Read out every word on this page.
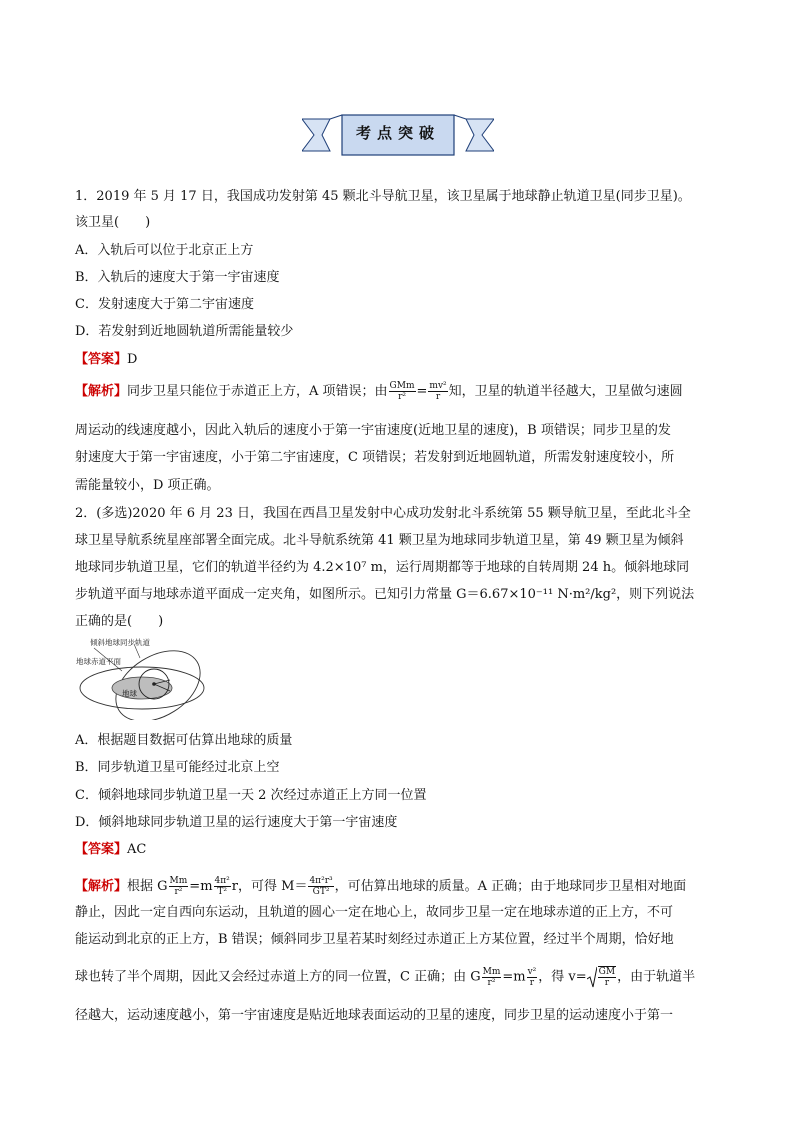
考点突破
1．2019 年 5 月 17 日，我国成功发射第 45 颗北斗导航卫星，该卫星属于地球静止轨道卫星(同步卫星)。
该卫星(　　)
A．入轨后可以位于北京正上方
B．入轨后的速度大于第一宇宙速度
C．发射速度大于第二宇宙速度
D．若发射到近地圆轨道所需能量较少
【答案】D
【解析】同步卫星只能位于赤道正上方，A 项错误；由 $\frac{\text{GMm}}{\text{r²}} = \frac{\text{mv²}}{r}$ 知，卫星的轨道半径越大，卫星做匀速圆
周运动的线速度越小，因此入轨后的速度小于第一宇宙速度(近地卫星的速度)，B 项错误；同步卫星的发
射速度大于第一宇宙速度，小于第二宇宙速度，C 项错误；若发射到近地圆轨道，所需发射速度较小，所
需能量较小，D 项正确。
2．(多选)2020 年 6 月 23 日，我国在西昌卫星发射中心成功发射北斗系统第 55 颗导航卫星，至此北斗全
球卫星导航系统星座部署全面完成。北斗导航系统第 41 颗卫星为地球同步轨道卫星，第 49 颗卫星为倾斜
地球同步轨道卫星，它们的轨道半径约为 4.2×10⁷ m，运行周期都等于地球的自转周期 24 h。倾斜地球同
步轨道平面与地球赤道平面成一定夹角，如图所示。已知引力常量 G＝6.67×10⁻¹¹ N·m²/kg²，则下列说法
正确的是(　　)
A．根据题目数据可估算出地球的质量
B．同步轨道卫星可能经过北京上空
C．倾斜地球同步轨道卫星一天 2 次经过赤道正上方同一位置
D．倾斜地球同步轨道卫星的运行速度大于第一宇宙速度
【答案】AC
【解析】根据 G $\frac{Mm}{\text{r²}} =m \frac{\text{4π²}}{\text{T²}}$ r，可得 $M= \frac{\text{4π²r³}}{\text{GT²}}$ ，可估算出地球的质量。A 正确；由于地球同步卫星相对地面
静止，因此一定自西向东运动，且轨道的圆心一定在地心上，故同步卫星一定在地球赤道的正上方，不可
能运动到北京的正上方，B 错误；倾斜同步卫星若某时刻经过赤道正上方某位置，经过半个周期，恰好地
球也转了半个周期，因此又会经过赤道上方的同一位置，C 正确；由 G $\frac{Mm}{\text{r²}} =m \frac{\text{v²}}{r}$ ，得 $v= \frac{GM}{r}$ ，由于轨道半
径越大，运动速度越小，第一宇宙速度是贴近地球表面运动的卫星的速度，同步卫星的运动速度小于第一
倾斜地球同步轨道
地球赤道平面
地球
